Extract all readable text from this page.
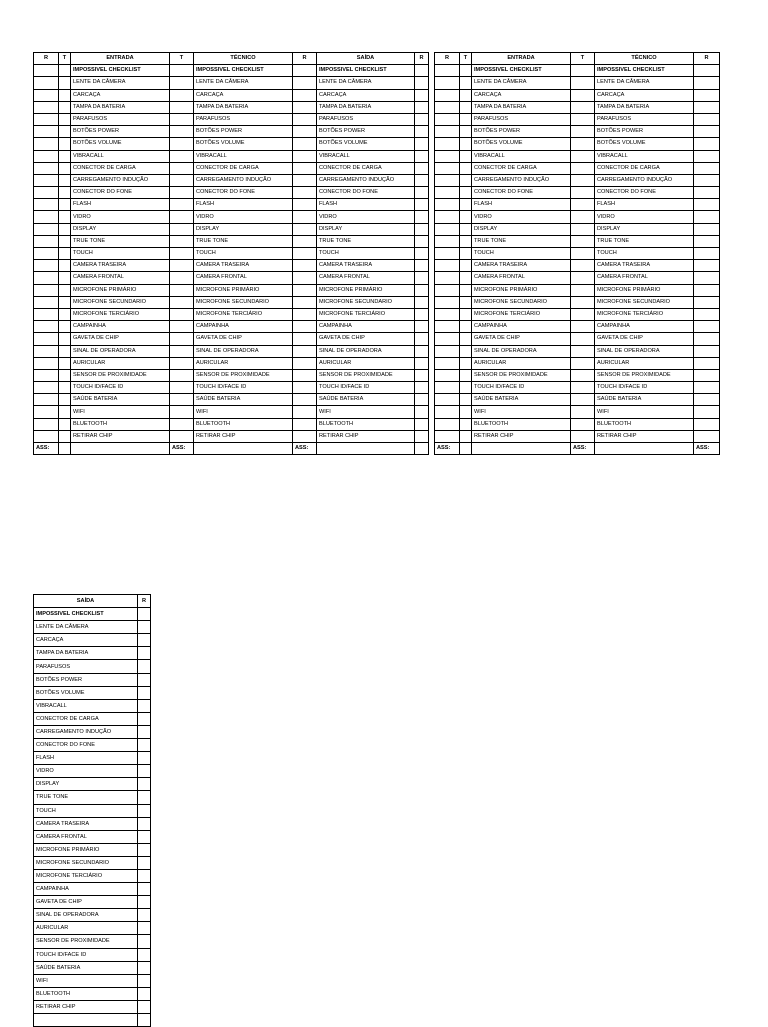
R	T	ENTRADA	T	TÉCNICO	R	SAÍDA	R
		IMPOSSIVEL CHECKLIST		IMPOSSIVEL CHECKLIST		IMPOSSIVEL CHECKLIST	
		LENTE DA CÂMERA		LENTE DA CÂMERA		LENTE DA CÂMERA	
		CARCAÇA		CARCAÇA		CARCAÇA	
		TAMPA DA BATERIA		TAMPA DA BATERIA		TAMPA DA BATERIA	
		PARAFUSOS		PARAFUSOS		PARAFUSOS	
		BOTÕES POWER		BOTÕES POWER		BOTÕES POWER	
		BOTÕES VOLUME		BOTÕES VOLUME		BOTÕES VOLUME	
		VIBRACALL		VIBRACALL		VIBRACALL	
		CONECTOR DE CARGA		CONECTOR DE CARGA		CONECTOR DE CARGA	
		CARREGAMENTO INDUÇÃO		CARREGAMENTO INDUÇÃO		CARREGAMENTO INDUÇÃO	
		CONECTOR DO FONE		CONECTOR DO FONE		CONECTOR DO FONE	
		FLASH		FLASH		FLASH	
		VIDRO		VIDRO		VIDRO	
		DISPLAY		DISPLAY		DISPLAY	
		TRUE TONE		TRUE TONE		TRUE TONE	
		TOUCH		TOUCH		TOUCH	
		CAMERA TRASEIRA		CAMERA TRASEIRA		CAMERA TRASEIRA	
		CAMERA FRONTAL		CAMERA FRONTAL		CAMERA FRONTAL	
		MICROFONE PRIMÁRIO		MICROFONE PRIMÁRIO		MICROFONE PRIMÁRIO	
		MICROFONE SECUNDARIO		MICROFONE SECUNDARIO		MICROFONE SECUNDARIO	
		MICROFONE TERCIÁRIO		MICROFONE TERCIÁRIO		MICROFONE TERCIÁRIO	
		CAMPAINHA		CAMPAINHA		CAMPAINHA	
		GAVETA DE CHIP		GAVETA DE CHIP		GAVETA DE CHIP	
		SINAL DE OPERADORA		SINAL DE OPERADORA		SINAL DE OPERADORA	
		AURICULAR		AURICULAR		AURICULAR	
		SENSOR DE PROXIMIDADE		SENSOR DE PROXIMIDADE		SENSOR DE PROXIMIDADE	
		TOUCH ID/FACE ID		TOUCH ID/FACE ID		TOUCH ID/FACE ID	
		SAÚDE BATERIA		SAÚDE BATERIA		SAÚDE BATERIA	
		WIFI		WIFI		WIFI	
		BLUETOOTH		BLUETOOTH		BLUETOOTH	
		RETIRAR CHIP		RETIRAR CHIP		RETIRAR CHIP	
ASS:			ASS:		ASS:		
R	T	ENTRADA	T	TÉCNICO	R
		IMPOSSIVEL CHECKLIST		IMPOSSIVEL CHECKLIST	
		LENTE DA CÂMERA		LENTE DA CÂMERA	
		CARCAÇA		CARCAÇA	
		TAMPA DA BATERIA		TAMPA DA BATERIA	
		PARAFUSOS		PARAFUSOS	
		BOTÕES POWER		BOTÕES POWER	
		BOTÕES VOLUME		BOTÕES VOLUME	
		VIBRACALL		VIBRACALL	
		CONECTOR DE CARGA		CONECTOR DE CARGA	
		CARREGAMENTO INDUÇÃO		CARREGAMENTO INDUÇÃO	
		CONECTOR DO FONE		CONECTOR DO FONE	
		FLASH		FLASH	
		VIDRO		VIDRO	
		DISPLAY		DISPLAY	
		TRUE TONE		TRUE TONE	
		TOUCH		TOUCH	
		CAMERA TRASEIRA		CAMERA TRASEIRA	
		CAMERA FRONTAL		CAMERA FRONTAL	
		MICROFONE PRIMÁRIO		MICROFONE PRIMÁRIO	
		MICROFONE SECUNDARIO		MICROFONE SECUNDARIO	
		MICROFONE TERCIÁRIO		MICROFONE TERCIÁRIO	
		CAMPAINHA		CAMPAINHA	
		GAVETA DE CHIP		GAVETA DE CHIP	
		SINAL DE OPERADORA		SINAL DE OPERADORA	
		AURICULAR		AURICULAR	
		SENSOR DE PROXIMIDADE		SENSOR DE PROXIMIDADE	
		TOUCH ID/FACE ID		TOUCH ID/FACE ID	
		SAÚDE BATERIA		SAÚDE BATERIA	
		WIFI		WIFI	
		BLUETOOTH		BLUETOOTH	
		RETIRAR CHIP		RETIRAR CHIP	
ASS:			ASS:		ASS:
SAÍDA	R
IMPOSSIVEL CHECKLIST	
LENTE DA CÂMERA	
CARCAÇA	
TAMPA DA BATERIA	
PARAFUSOS	
BOTÕES POWER	
BOTÕES VOLUME	
VIBRACALL	
CONECTOR DE CARGA	
CARREGAMENTO INDUÇÃO	
CONECTOR DO FONE	
FLASH	
VIDRO	
DISPLAY	
TRUE TONE	
TOUCH	
CAMERA TRASEIRA	
CAMERA FRONTAL	
MICROFONE PRIMÁRIO	
MICROFONE SECUNDARIO	
MICROFONE TERCIÁRIO	
CAMPAINHA	
GAVETA DE CHIP	
SINAL DE OPERADORA	
AURICULAR	
SENSOR DE PROXIMIDADE	
TOUCH ID/FACE ID	
SAÚDE BATERIA	
WIFI	
BLUETOOTH	
RETIRAR CHIP	
